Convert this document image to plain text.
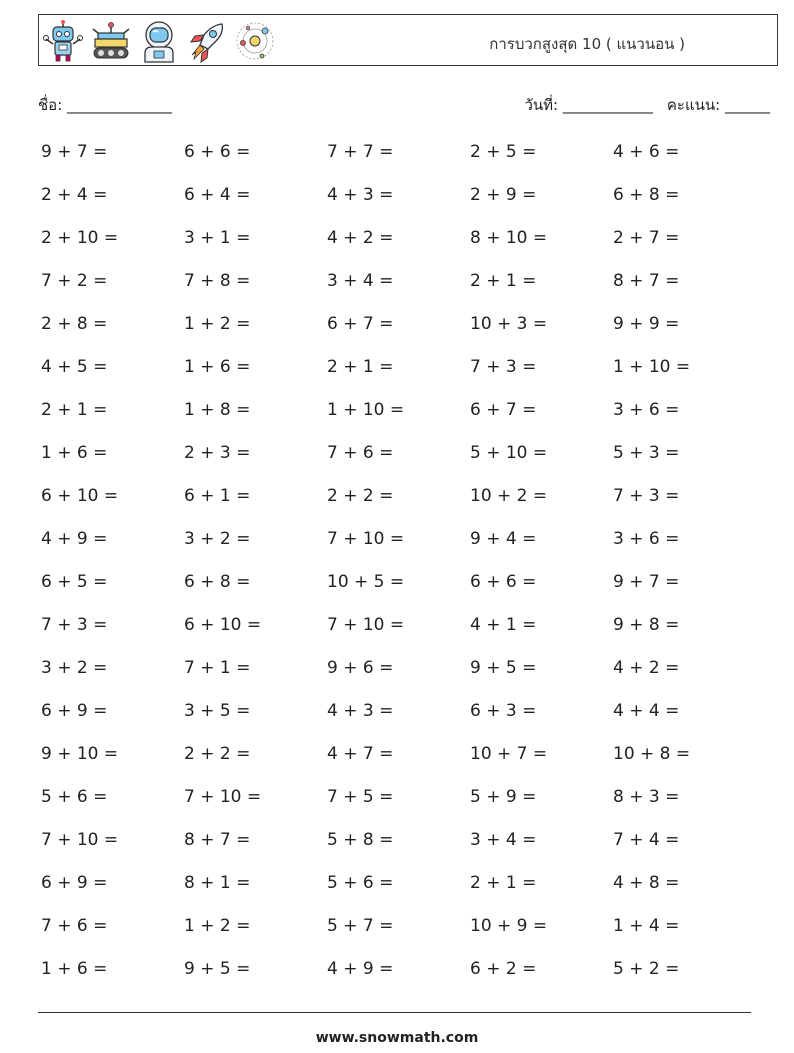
การบวกสูงสุด 10 ( แนวนอน )
ชื่อ: ______________	วันที่: ____________ คะแนน: ______
9 + 7 =	6 + 6 =	7 + 7 =	2 + 5 =	4 + 6 =
2 + 4 =	6 + 4 =	4 + 3 =	2 + 9 =	6 + 8 =
2 + 10 =	3 + 1 =	4 + 2 =	8 + 10 =	2 + 7 =
7 + 2 =	7 + 8 =	3 + 4 =	2 + 1 =	8 + 7 =
2 + 8 =	1 + 2 =	6 + 7 =	10 + 3 =	9 + 9 =
4 + 5 =	1 + 6 =	2 + 1 =	7 + 3 =	1 + 10 =
2 + 1 =	1 + 8 =	1 + 10 =	6 + 7 =	3 + 6 =
1 + 6 =	2 + 3 =	7 + 6 =	5 + 10 =	5 + 3 =
6 + 10 =	6 + 1 =	2 + 2 =	10 + 2 =	7 + 3 =
4 + 9 =	3 + 2 =	7 + 10 =	9 + 4 =	3 + 6 =
6 + 5 =	6 + 8 =	10 + 5 =	6 + 6 =	9 + 7 =
7 + 3 =	6 + 10 =	7 + 10 =	4 + 1 =	9 + 8 =
3 + 2 =	7 + 1 =	9 + 6 =	9 + 5 =	4 + 2 =
6 + 9 =	3 + 5 =	4 + 3 =	6 + 3 =	4 + 4 =
9 + 10 =	2 + 2 =	4 + 7 =	10 + 7 =	10 + 8 =
5 + 6 =	7 + 10 =	7 + 5 =	5 + 9 =	8 + 3 =
7 + 10 =	8 + 7 =	5 + 8 =	3 + 4 =	7 + 4 =
6 + 9 =	8 + 1 =	5 + 6 =	2 + 1 =	4 + 8 =
7 + 6 =	1 + 2 =	5 + 7 =	10 + 9 =	1 + 4 =
1 + 6 =	9 + 5 =	4 + 9 =	6 + 2 =	5 + 2 =
www.snowmath.com
